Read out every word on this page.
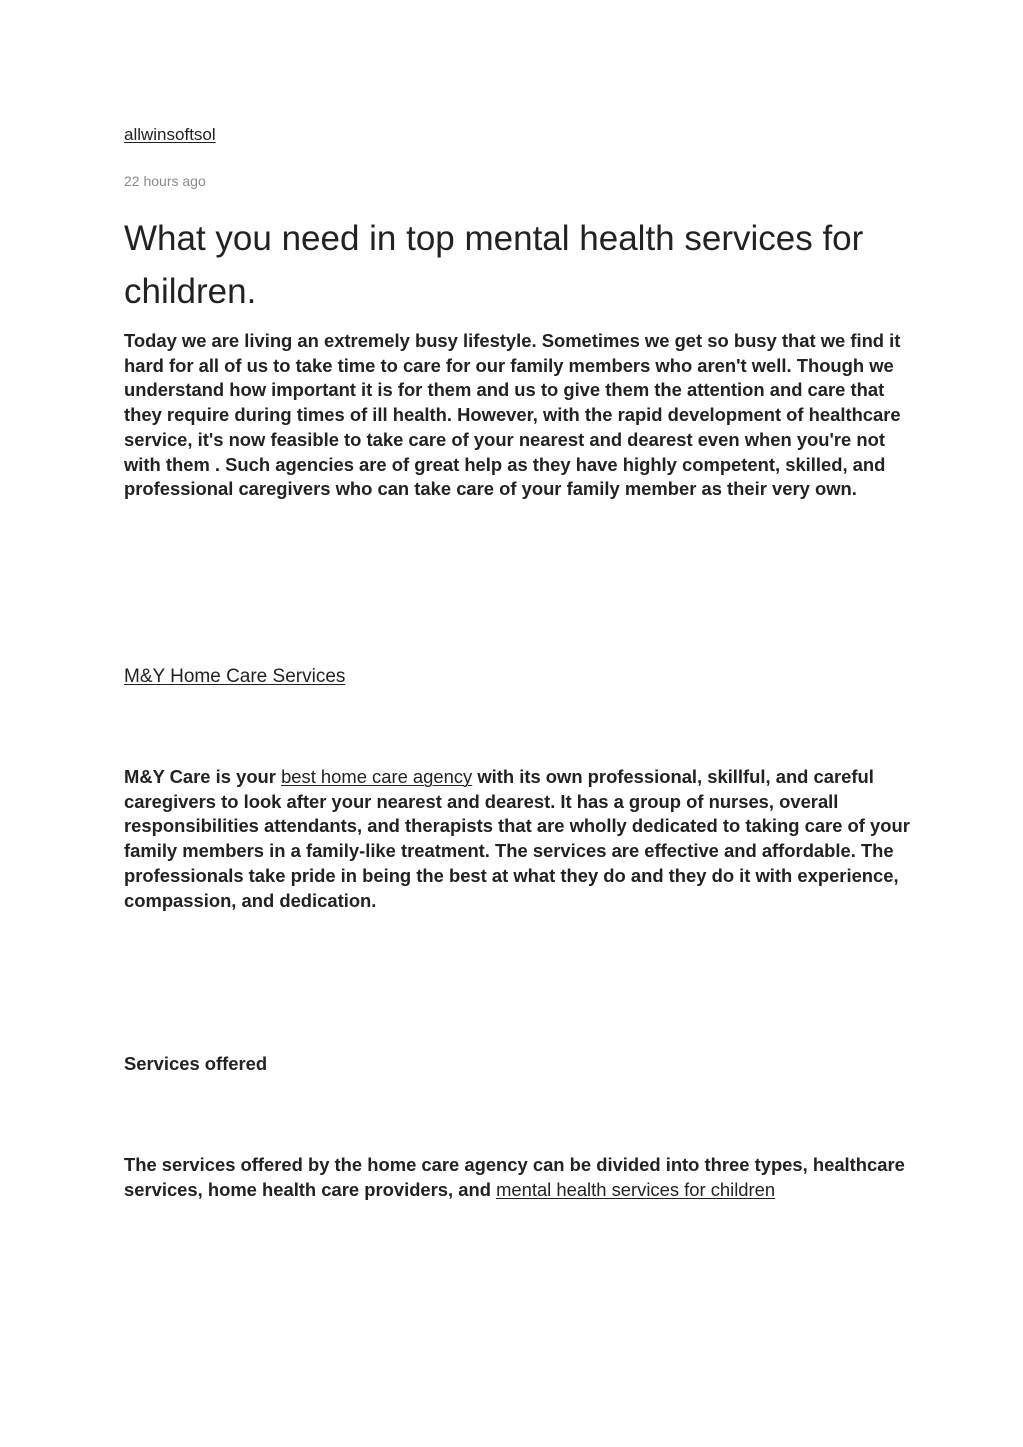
allwinsoftsol
22 hours ago
What you need in top mental health services for children.

Today we are living an extremely busy lifestyle. Sometimes we get so busy that we find it hard for all of us to take time to care for our family members who aren't well. Though we understand how important it is for them and us to give them the attention and care that they require during times of ill health. However, with the rapid development of healthcare service, it's now feasible to take care of your nearest and dearest even when you're not with them . Such agencies are of great help as they have highly competent, skilled, and professional caregivers who can take care of your family member as their very own.

M&Y Home Care Services

M&Y Care is your best home care agency with its own professional, skillful, and careful caregivers to look after your nearest and dearest. It has a group of nurses, overall responsibilities attendants, and therapists that are wholly dedicated to taking care of your family members in a family-like treatment. The services are effective and affordable. The professionals take pride in being the best at what they do and they do it with experience, compassion, and dedication.

Services offered

The services offered by the home care agency can be divided into three types, healthcare services, home health care providers, and mental health services for children
